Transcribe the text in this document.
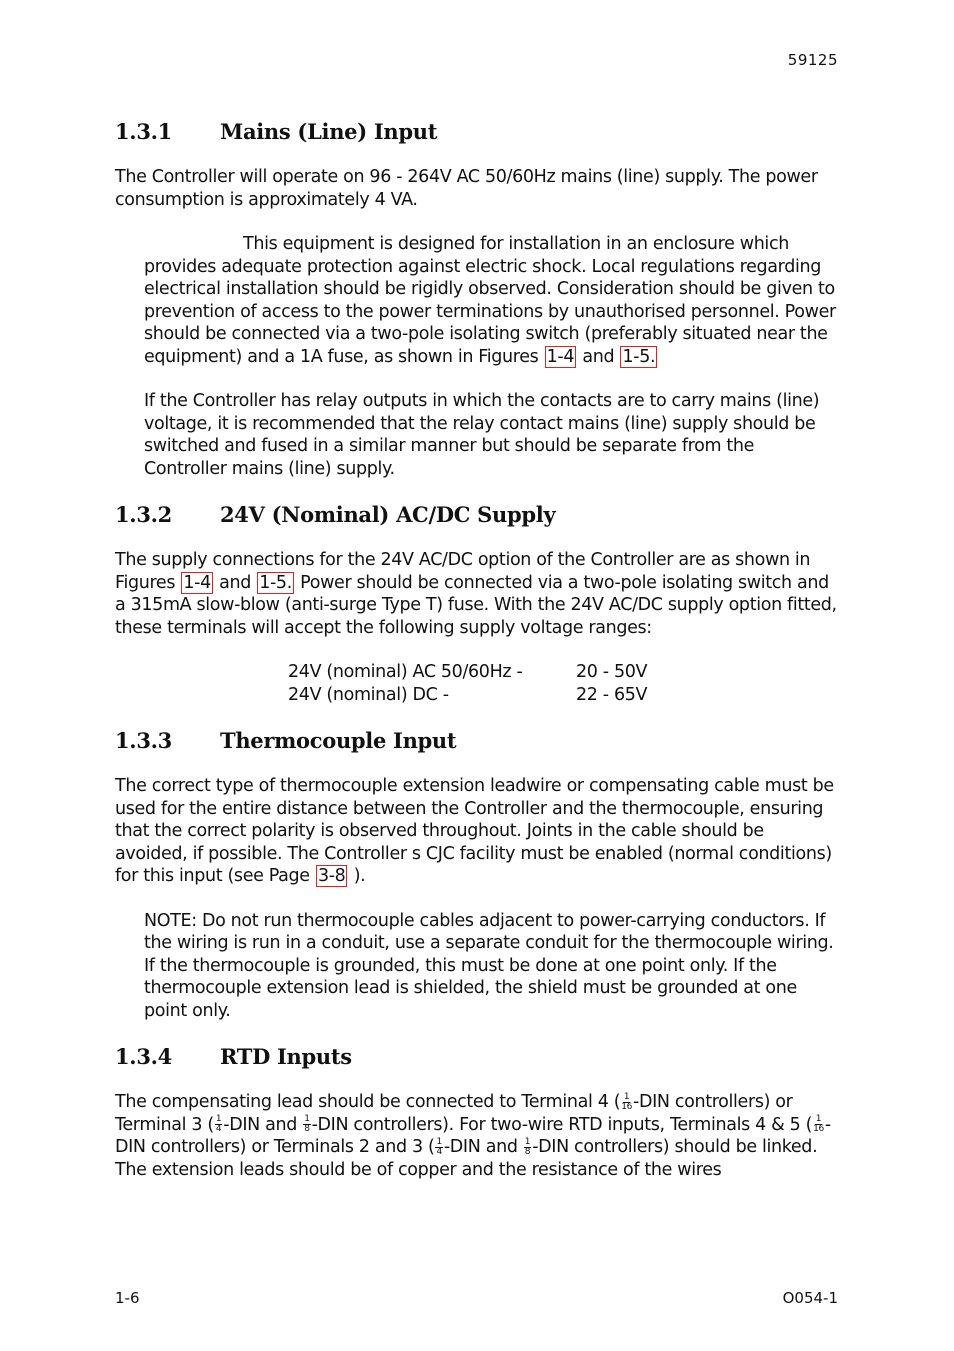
59125
1.3.1 Mains (Line) Input

The Controller will operate on 96 - 264V AC 50/60Hz mains (line) supply. The power consumption is approximately 4 VA.

This equipment is designed for installation in an enclosure which provides adequate protection against electric shock. Local regulations regarding electrical installation should be rigidly observed. Consideration should be given to prevention of access to the power terminations by unauthorised personnel. Power should be connected via a two-pole isolating switch (preferably situated near the equipment) and a 1A fuse, as shown in Figures 1-4 and 1-5.

If the Controller has relay outputs in which the contacts are to carry mains (line) voltage, it is recommended that the relay contact mains (line) supply should be switched and fused in a similar manner but should be separate from the Controller mains (line) supply.

1.3.2 24V (Nominal) AC/DC Supply

The supply connections for the 24V AC/DC option of the Controller are as shown in Figures 1-4 and 1-5. Power should be connected via a two-pole isolating switch and a 315mA slow-blow (anti-surge Type T) fuse. With the 24V AC/DC supply option fitted, these terminals will accept the following supply voltage ranges:

24V (nominal) AC 50/60Hz -	20 - 50V
24V (nominal) DC -	22 - 65V
1.3.3 Thermocouple Input

The correct type of thermocouple extension leadwire or compensating cable must be used for the entire distance between the Controller and the thermocouple, ensuring that the correct polarity is observed throughout. Joints in the cable should be avoided, if possible. The Controller s CJC facility must be enabled (normal conditions) for this input (see Page 3-8 ).

NOTE: Do not run thermocouple cables adjacent to power-carrying conductors. If the wiring is run in a conduit, use a separate conduit for the thermocouple wiring. If the thermocouple is grounded, this must be done at one point only. If the thermocouple extension lead is shielded, the shield must be grounded at one point only.

1.3.4 RTD Inputs

The compensating lead should be connected to Terminal 4 ( $\frac{1}{16} -DIN$ controllers) or Terminal 3 ( $\frac{1}{4} -DIN$ and $\frac{1}{8} -DIN$ controllers). For two-wire RTD inputs, Terminals 4 & 5 ( $\frac{1}{16} -DIN$ controllers) or Terminals 2 and 3 ( $\frac{1}{4} -DIN$ and $\frac{1}{8} -DIN$ controllers) should be linked. The extension leads should be of copper and the resistance of the wires

1-6	O054-1
